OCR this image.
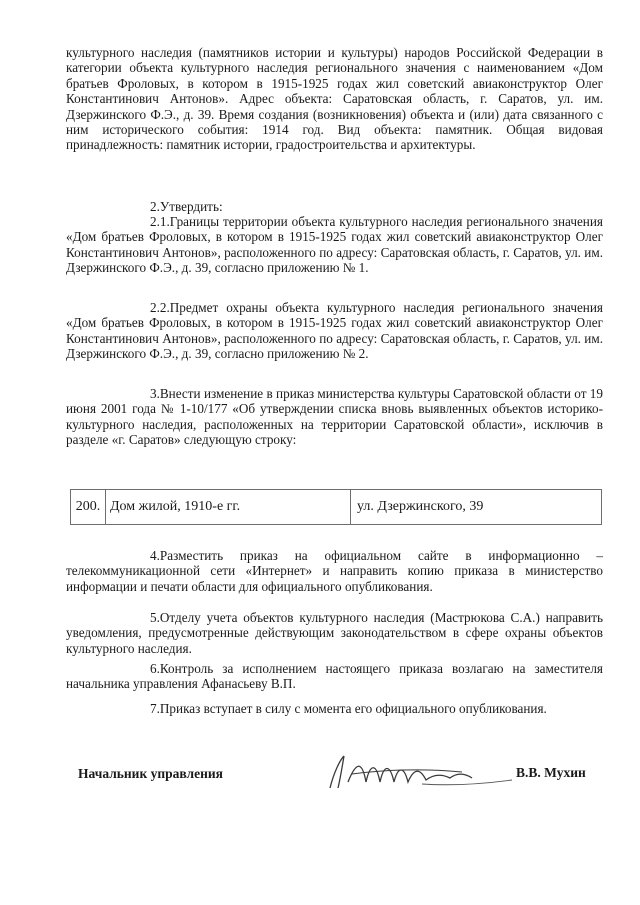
культурного наследия (памятников истории и культуры) народов Российской Федерации в категории объекта культурного наследия регионального значения с наименованием «Дом братьев Фроловых, в котором в 1915-1925 годах жил советский авиаконструктор Олег Константинович Антонов». Адрес объекта: Саратовская область, г. Саратов, ул. им. Дзержинского Ф.Э., д. 39. Время создания (возникновения) объекта и (или) дата связанного с ним исторического события: 1914 год. Вид объекта: памятник. Общая видовая принадлежность: памятник истории, градостроительства и архитектуры.

2.Утвердить:

2.1.Границы территории объекта культурного наследия регионального значения «Дом братьев Фроловых, в котором в 1915-1925 годах жил советский авиаконструктор Олег Константинович Антонов», расположенного по адресу: Саратовская область, г. Саратов, ул. им. Дзержинского Ф.Э., д. 39, согласно приложению № 1.

2.2.Предмет охраны объекта культурного наследия регионального значения «Дом братьев Фроловых, в котором в 1915-1925 годах жил советский авиаконструктор Олег Константинович Антонов», расположенного по адресу: Саратовская область, г. Саратов, ул. им. Дзержинского Ф.Э., д. 39, согласно приложению № 2.

3.Внести изменение в приказ министерства культуры Саратовской области от 19 июня 2001 года № 1-10/177 «Об утверждении списка вновь выявленных объектов историко-культурного наследия, расположенных на территории Саратовской области», исключив в разделе «г. Саратов» следующую строку:

200. Дом жилой, 1910-е гг.	ул. Дзержинского, 39

4.Разместить приказ на официальном сайте в информационно – телекоммуникационной сети «Интернет» и направить копию приказа в министерство информации и печати области для официального опубликования.

5.Отделу учета объектов культурного наследия (Мастрюкова С.А.) направить уведомления, предусмотренные действующим законодательством в сфере охраны объектов культурного наследия.

6.Контроль за исполнением настоящего приказа возлагаю на заместителя начальника управления Афанасьеву В.П.

7.Приказ вступает в силу с момента его официального опубликования.

Начальник управления	В.В. Мухин
